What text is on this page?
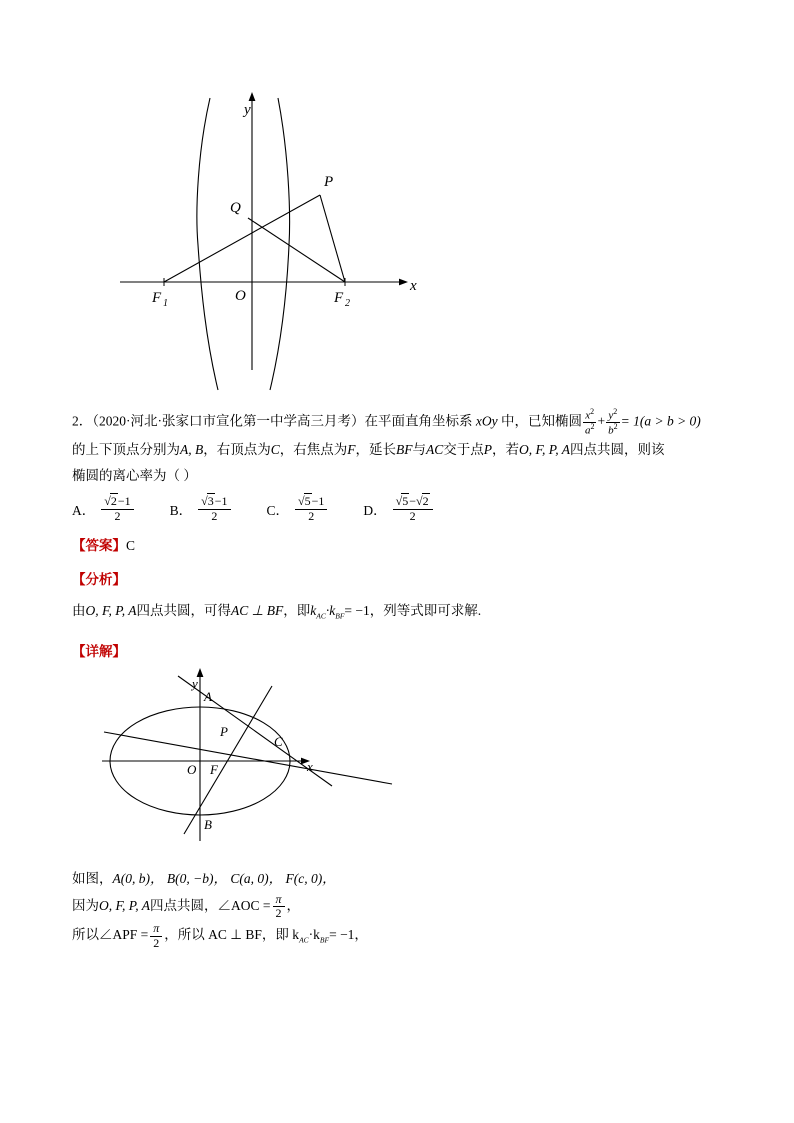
y
x
O
P
Q
F 1	F 2
2．（2020·河北·张家口市宣化第一中学高三月考）在平面直角坐标系 xOy 中，已知椭圆 $\frac{x^2}{a^2} + \frac{y^2}{b^2} = 1(a > b > 0)$
的上下顶点分别为A, B，右顶点为C，右焦点为F，延长BF与AC交于点P，若O, F, P, A四点共圆，则该
椭圆的离心率为（ ）
A． $\frac{√2-1}{2}$	B． $\frac{√3-1}{2}$	C． $\frac{√5-1}{2}$	D． $\frac{√5-√2}{2}$
【答案】C
【分析】
由O, F, P, A四点共圆，可得AC ⊥ BF，即$k_{AC}\cdot k_{BF}= -1$，列等式即可求解.
【详解】
y
x
O
A
B
C
P
F
如图，A(0, b)， B(0, −b)， C(a, 0)， F(c, 0)，
因为O, F, P, A四点共圆，∠AOC = $\frac{\pi}{2}$ ，
所以∠APF = $\frac{\pi}{2}$ ，所以 AC ⊥ BF，即 $k_{AC}\cdot k_{BF}= -1$，
